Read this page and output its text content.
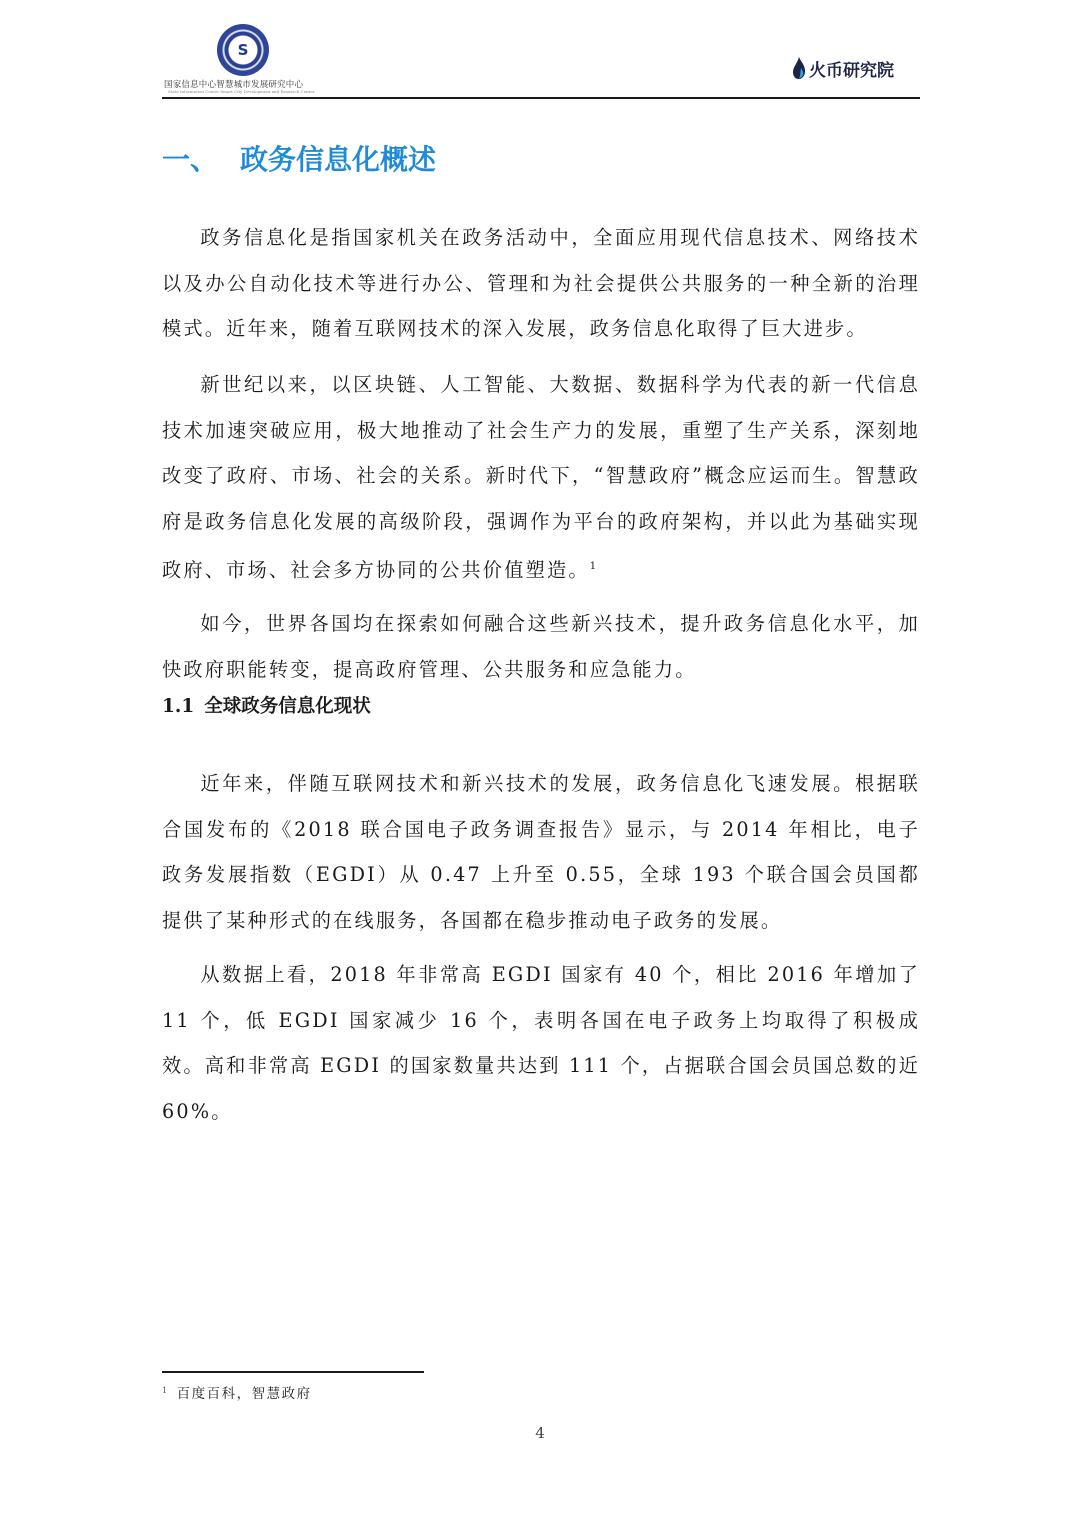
S
国家信息中心智慧城市发展研究中心
State Information Center Smart City Development and Research Center
火币研究院
一、 政务信息化概述

政务信息化是指国家机关在政务活动中，全面应用现代信息技术、网络技术以及办公自动化技术等进行办公、管理和为社会提供公共服务的一种全新的治理模式。近年来，随着互联网技术的深入发展，政务信息化取得了巨大进步。

新世纪以来，以区块链、人工智能、大数据、数据科学为代表的新一代信息技术加速突破应用，极大地推动了社会生产力的发展，重塑了生产关系，深刻地改变了政府、市场、社会的关系。新时代下，“智慧政府”概念应运而生。智慧政府是政务信息化发展的高级阶段，强调作为平台的政府架构，并以此为基础实现政府、市场、社会多方协同的公共价值塑造。$^1$

如今，世界各国均在探索如何融合这些新兴技术，提升政务信息化水平，加快政府职能转变，提高政府管理、公共服务和应急能力。

1.1 全球政务信息化现状

近年来，伴随互联网技术和新兴技术的发展，政务信息化飞速发展。根据联合国发布的《2018 联合国电子政务调查报告》显示，与 2014 年相比，电子政务发展指数（EGDI）从 0.47 上升至 0.55，全球 193 个联合国会员国都提供了某种形式的在线服务，各国都在稳步推动电子政务的发展。

从数据上看，2018 年非常高 EGDI 国家有 40 个，相比 2016 年增加了 11 个，低 EGDI 国家减少 16 个，表明各国在电子政务上均取得了积极成效。高和非常高 EGDI 的国家数量共达到 111 个，占据联合国会员国总数的近 60%。

$^1$ 百度百科，智慧政府
4
